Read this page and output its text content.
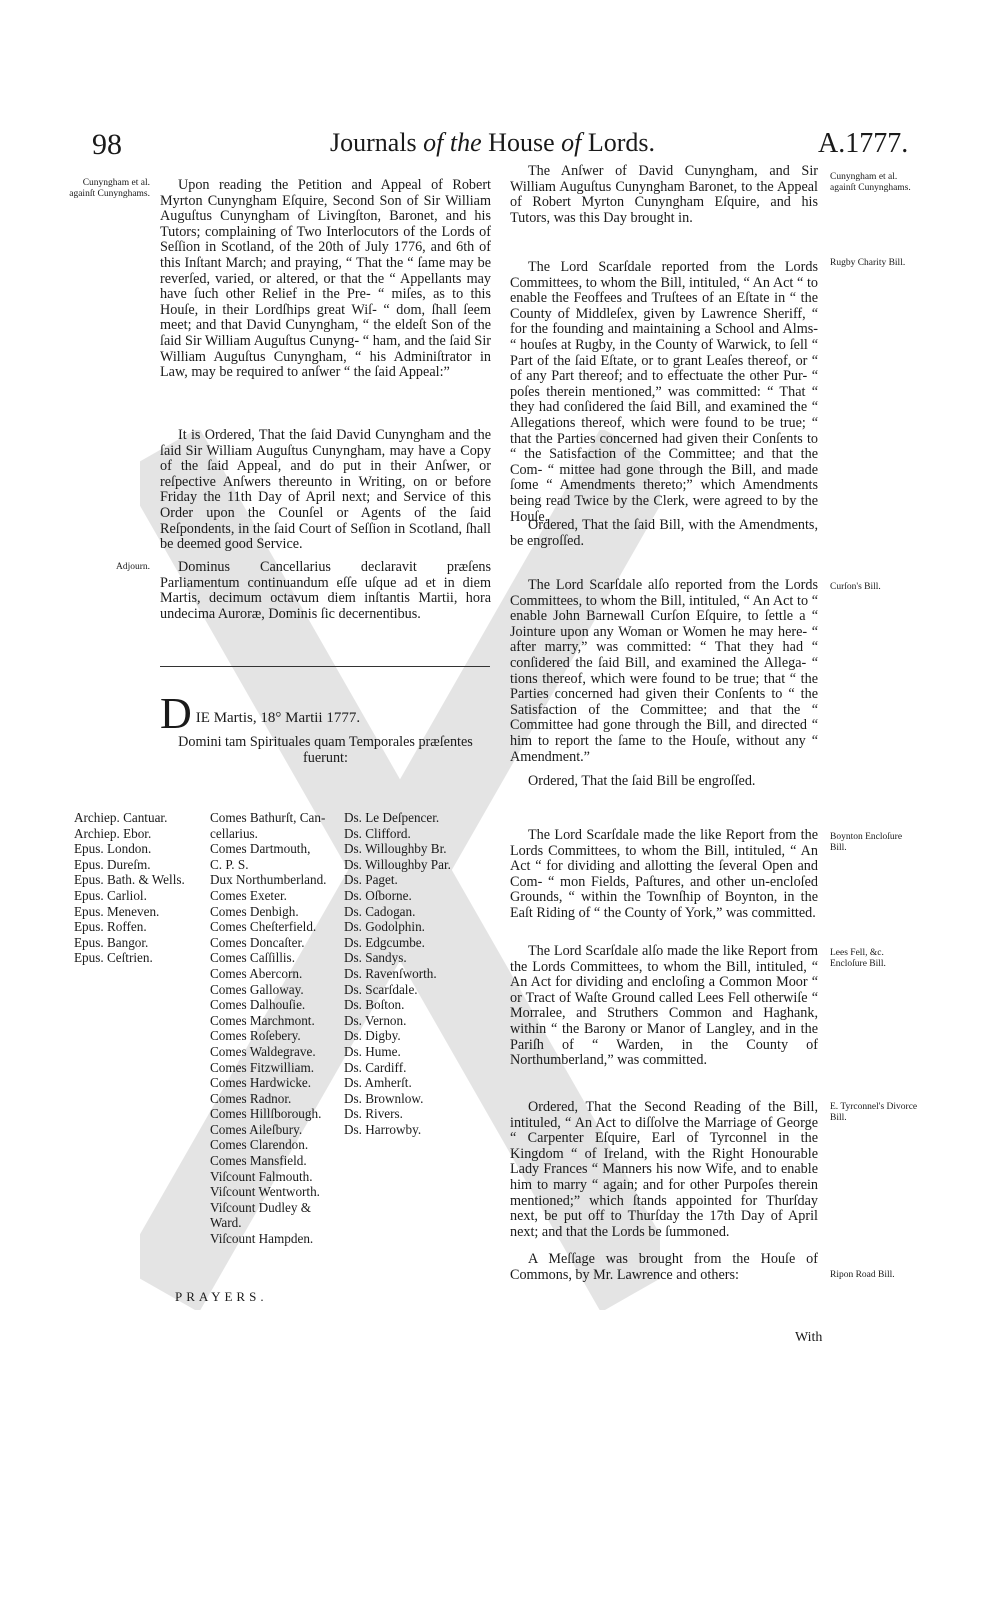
98	Journals of the House of Lords.	A.1777.
Cunyngham et al. againſt Cunynghams.

Upon reading the Petition and Appeal of Robert Myrton Cunyngham Eſquire, Second Son of Sir William Auguſtus Cunyngham of Livingſton, Baronet, and his Tutors; complaining of Two Interlocutors of the Lords of Seſſion in Scotland, of the 20th of July 1776, and 6th of this Inſtant March; and praying, “ That the “ ſame may be reverſed, varied, or altered, or that the “ Appellants may have ſuch other Relief in the Pre- “ miſes, as to this Houſe, in their Lordſhips great Wiſ- “ dom, ſhall ſeem meet; and that David Cunyngham, “ the eldeſt Son of the ſaid Sir William Auguſtus Cunyng- “ ham, and the ſaid Sir William Auguſtus Cunyngham, “ his Adminiſtrator in Law, may be required to anſwer “ the ſaid Appeal:”

It is Ordered, That the ſaid David Cunyngham and the ſaid Sir William Auguſtus Cunyngham, may have a Copy of the ſaid Appeal, and do put in their Anſwer, or reſpective Anſwers thereunto in Writing, on or before Friday the 11th Day of April next; and Service of this Order upon the Counſel or Agents of the ſaid Reſpondents, in the ſaid Court of Seſſion in Scotland, ſhall be deemed good Service.

Adjourn.	Dominus Cancellarius declaravit præſens Parliamentum continuandum eſſe uſque ad et in diem Martis, decimum octavum diem inſtantis Martii, hora undecima Auroræ, Dominis ſic decernentibus.

DIE Martis, 18° Martii 1777.
Domini tam Spirituales quam Temporales præſentes fuerunt:
Archiep. Cantuar.
Archiep. Ebor.
Epus. London.
Epus. Dureſm.
Epus. Bath. & Wells.
Epus. Carliol.
Epus. Meneven.
Epus. Roffen.
Epus. Bangor.
Epus. Ceſtrien.
Comes Bathurſt, Can-
cellarius.
Comes Dartmouth,
C. P. S.
Dux Northumberland.
Comes Exeter.
Comes Denbigh.
Comes Cheſterfield.
Comes Doncaſter.
Comes Caſſillis.
Comes Abercorn.
Comes Galloway.
Comes Dalhouſie.
Comes Marchmont.
Comes Roſebery.
Comes Waldegrave.
Comes Fitzwilliam.
Comes Hardwicke.
Comes Radnor.
Comes Hillſborough.
Comes Aileſbury.
Comes Clarendon.
Comes Mansfield.
Viſcount Falmouth.
Viſcount Wentworth.
Viſcount Dudley &
Ward.
Viſcount Hampden.
Ds. Le Deſpencer.
Ds. Clifford.
Ds. Willoughby Br.
Ds. Willoughby Par.
Ds. Paget.
Ds. Oſborne.
Ds. Cadogan.
Ds. Godolphin.
Ds. Edgcumbe.
Ds. Sandys.
Ds. Ravenſworth.
Ds. Scarſdale.
Ds. Boſton.
Ds. Vernon.
Ds. Digby.
Ds. Hume.
Ds. Cardiff.
Ds. Amherſt.
Ds. Brownlow.
Ds. Rivers.
Ds. Harrowby.
PRAYERS.
Cunyngham et al. againſt Cunynghams.

The Anſwer of David Cunyngham, and Sir William Auguſtus Cunyngham Baronet, to the Appeal of Robert Myrton Cunyngham Eſquire, and his Tutors, was this Day brought in.

Rugby Charity Bill.

The Lord Scarſdale reported from the Lords Committees, to whom the Bill, intituled, “ An Act “ to enable the Feoffees and Truſtees of an Eſtate in “ the County of Middleſex, given by Lawrence Sheriff, “ for the founding and maintaining a School and Alms- “ houſes at Rugby, in the County of Warwick, to ſell “ Part of the ſaid Eſtate, or to grant Leaſes thereof, or “ of any Part thereof; and to effectuate the other Pur- “ poſes therein mentioned,” was committed: “ That “ they had conſidered the ſaid Bill, and examined the “ Allegations thereof, which were found to be true; “ that the Parties concerned had given their Conſents to “ the Satisfaction of the Committee; and that the Com- “ mittee had gone through the Bill, and made ſome “ Amendments thereto;” which Amendments being read Twice by the Clerk, were agreed to by the Houſe.

Ordered, That the ſaid Bill, with the Amendments, be engroſſed.

Curſon's Bill.

The Lord Scarſdale alſo reported from the Lords Committees, to whom the Bill, intituled, “ An Act to “ enable John Barnewall Curſon Eſquire, to ſettle a “ Jointure upon any Woman or Women he may here- “ after marry,” was committed: “ That they had “ conſidered the ſaid Bill, and examined the Allega- “ tions thereof, which were found to be true; that “ the Parties concerned had given their Conſents to “ the Satisfaction of the Committee; and that the “ Committee had gone through the Bill, and directed “ him to report the ſame to the Houſe, without any “ Amendment.”

Ordered, That the ſaid Bill be engroſſed.

Boynton Encloſure Bill.

The Lord Scarſdale made the like Report from the Lords Committees, to whom the Bill, intituled, “ An Act “ for dividing and allotting the ſeveral Open and Com- “ mon Fields, Paſtures, and other un-encloſed Grounds, “ within the Townſhip of Boynton, in the Eaſt Riding of “ the County of York,” was committed.

Lees Fell, &c. Encloſure Bill.

The Lord Scarſdale alſo made the like Report from the Lords Committees, to whom the Bill, intituled, “ An Act for dividing and encloſing a Common Moor “ or Tract of Waſte Ground called Lees Fell otherwiſe “ Morralee, and Struthers Common and Haghank, within “ the Barony or Manor of Langley, and in the Pariſh of “ Warden, in the County of Northumberland,” was committed.

E. Tyrconnel's Divorce Bill.

Ordered, That the Second Reading of the Bill, intituled, “ An Act to diſſolve the Marriage of George “ Carpenter Eſquire, Earl of Tyrconnel in the Kingdom “ of Ireland, with the Right Honourable Lady Frances “ Manners his now Wife, and to enable him to marry “ again; and for other Purpoſes therein mentioned;” which ſtands appointed for Thurſday next, be put off to Thurſday the 17th Day of April next; and that the Lords be ſummoned.

Ripon Road Bill.

A Meſſage was brought from the Houſe of Commons, by Mr. Lawrence and others:

With
